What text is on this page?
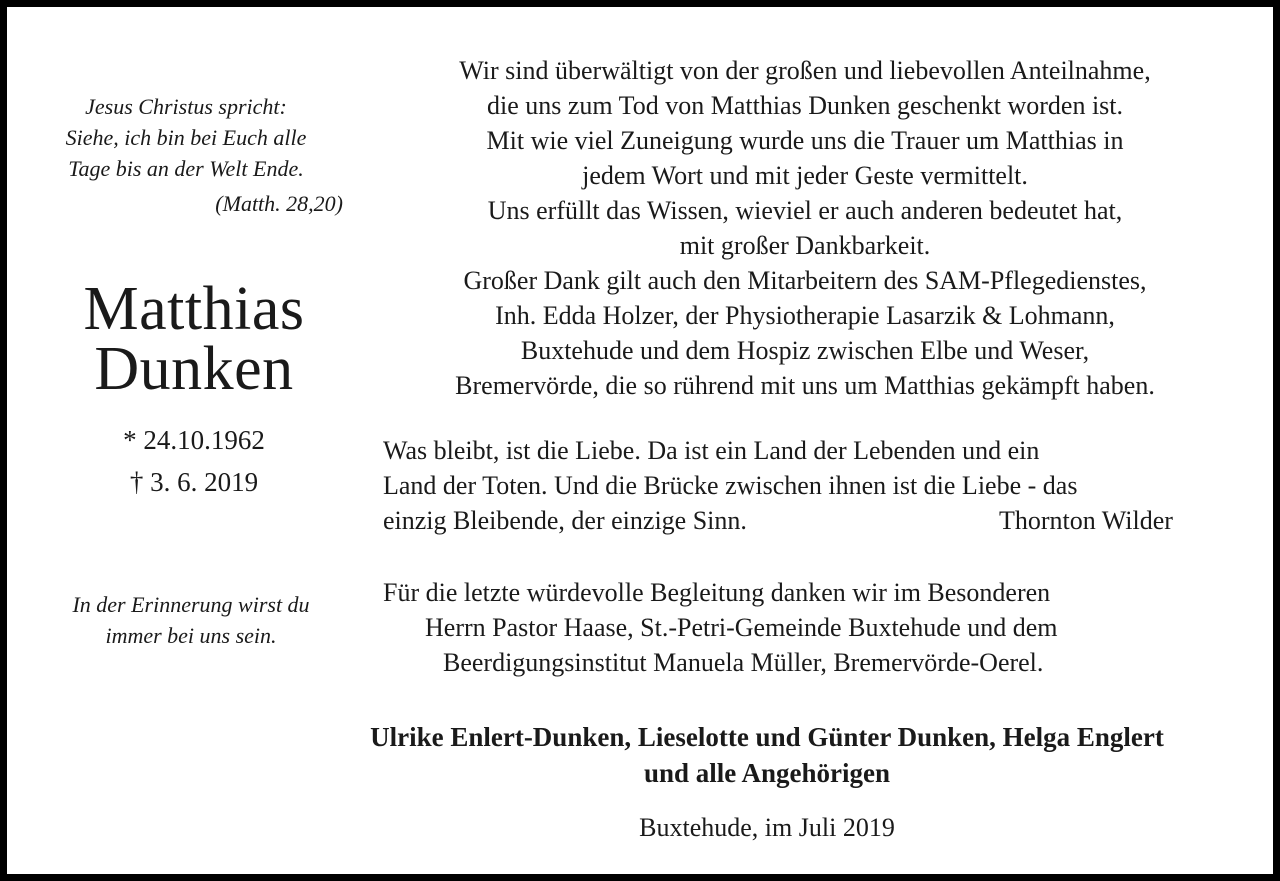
Jesus Christus spricht:
Siehe, ich bin bei Euch alle
Tage bis an der Welt Ende.

(Matth. 28,20)

Matthias

Dunken

* 24.10.1962
† 3. 6. 2019
In der Erinnerung wirst du
immer bei uns sein.
Wir sind überwältigt von der großen und liebevollen Anteilnahme,
die uns zum Tod von Matthias Dunken geschenkt worden ist.
Mit wie viel Zuneigung wurde uns die Trauer um Matthias in
jedem Wort und mit jeder Geste vermittelt.
Uns erfüllt das Wissen, wieviel er auch anderen bedeutet hat,
mit großer Dankbarkeit.
Großer Dank gilt auch den Mitarbeitern des SAM-Pflegedienstes,
Inh. Edda Holzer, der Physiotherapie Lasarzik & Lohmann,
Buxtehude und dem Hospiz zwischen Elbe und Weser,
Bremervörde, die so rührend mit uns um Matthias gekämpft haben.
Was bleibt, ist die Liebe. Da ist ein Land der Lebenden und ein
Land der Toten. Und die Brücke zwischen ihnen ist die Liebe - das
einzig Bleibende, der einzige Sinn.	Thornton Wilder
Für die letzte würdevolle Begleitung danken wir im Besonderen
Herrn Pastor Haase, St.-Petri-Gemeinde Buxtehude und dem
Beerdigungsinstitut Manuela Müller, Bremervörde-Oerel.
Ulrike Enlert-Dunken, Lieselotte und Günter Dunken, Helga Englert
und alle Angehörigen
Buxtehude, im Juli 2019
